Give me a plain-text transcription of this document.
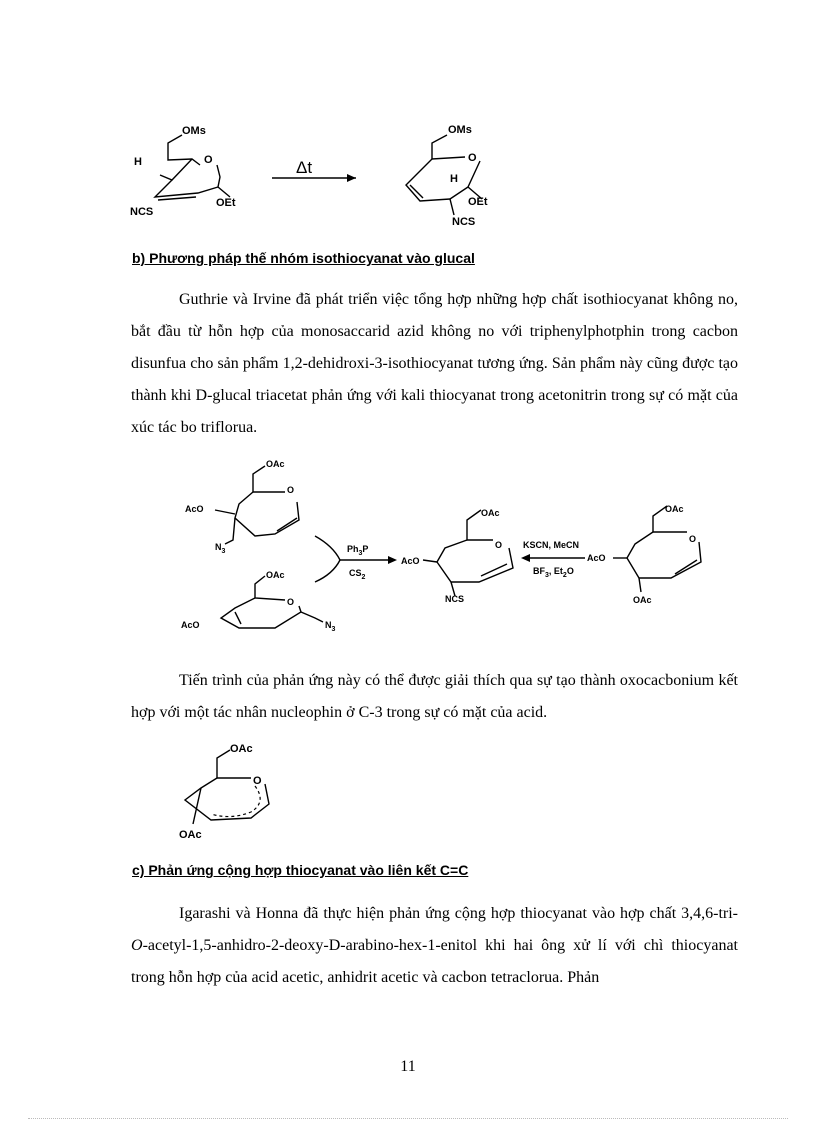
OMs
O
H
NCS
OEt
Δt
OMs
O
H
OEt
NCS
b) Phương pháp thế nhóm isothiocyanat vào glucal
Guthrie và Irvine đã phát triển việc tổng hợp những hợp chất isothiocyanat không no, bắt đầu từ hỗn hợp của monosaccarid azid không no với triphenylphotphin trong cacbon disunfua cho sản phẩm 1,2-dehidroxi-3-isothiocyanat tương ứng. Sản phẩm này cũng được tạo thành khi D-glucal triacetat phản ứng với kali thiocyanat trong acetonitrin trong sự có mặt của xúc tác bo triflorua.
OAc
O
AcO
$N_3$
OAc
O
AcO	$N_3$
$Ph_3P$
$CS_2$
OAc
O
AcO
NCS
KSCN, MeCN
$BF_3$, $Et_2O$
OAc
O
AcO
OAc
Tiến trình của phản ứng này có thể được giải thích qua sự tạo thành oxocacbonium kết hợp với một tác nhân nucleophin ở C-3 trong sự có mặt của acid.
OAc
O
OAc
c) Phản ứng cộng hợp thiocyanat vào liên kết C=C
Igarashi và Honna đã thực hiện phản ứng cộng hợp thiocyanat vào hợp chất 3,4,6-tri-O-acetyl-1,5-anhidro-2-deoxy-D-arabino-hex-1-enitol khi hai ông xử lí với chì thiocyanat trong hỗn hợp của acid acetic, anhidrit acetic và cacbon tetraclorua. Phản
11
